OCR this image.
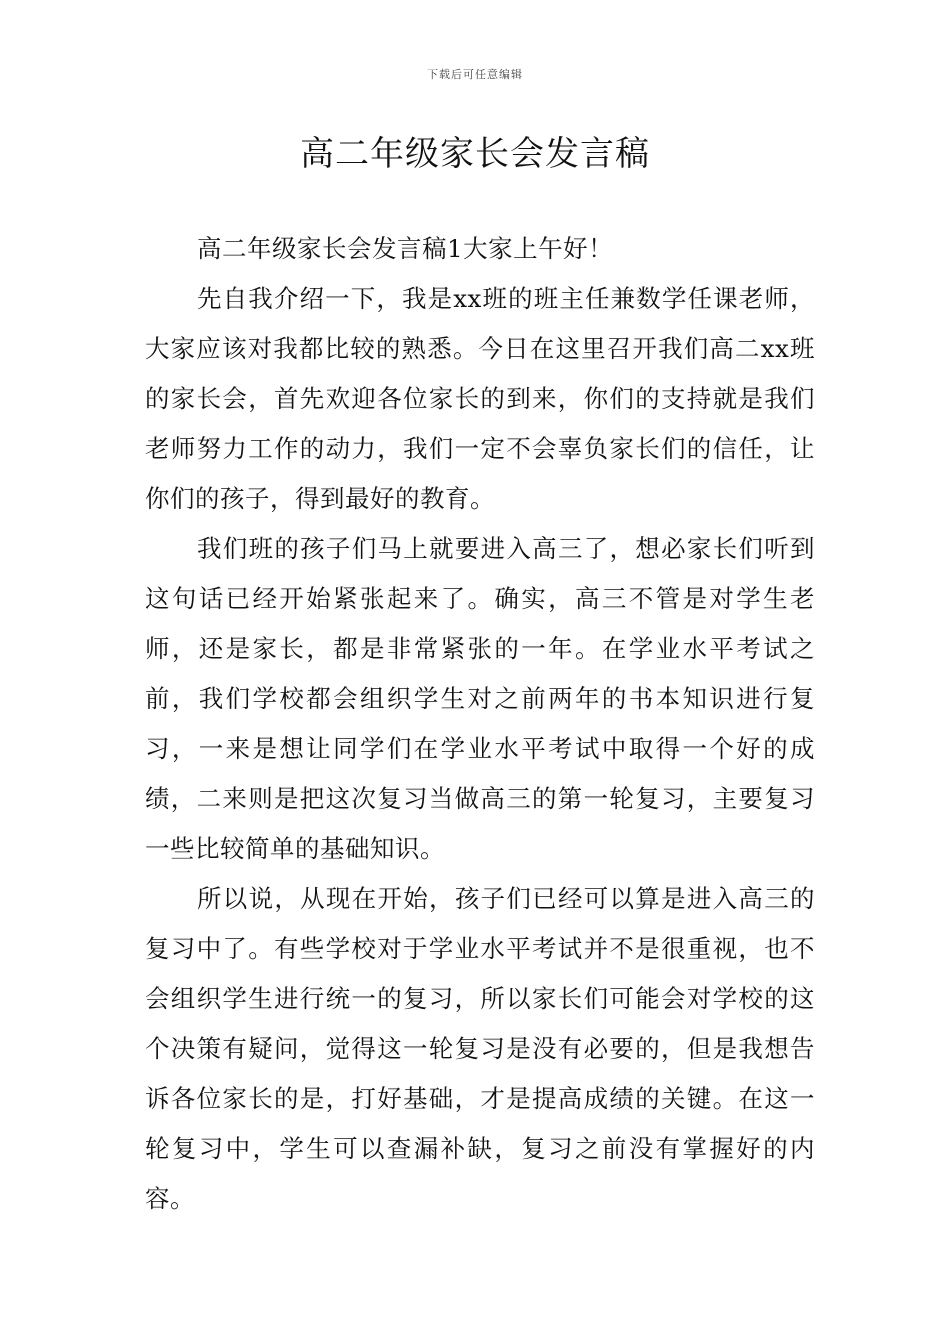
下载后可任意编辑
高二年级家长会发言稿

高二年级家长会发言稿1大家上午好！

先自我介绍一下，我是xx班的班主任兼数学任课老师，大家应该对我都比较的熟悉。今日在这里召开我们高二xx班的家长会，首先欢迎各位家长的到来，你们的支持就是我们老师努力工作的动力，我们一定不会辜负家长们的信任，让你们的孩子，得到最好的教育。

我们班的孩子们马上就要进入高三了，想必家长们听到这句话已经开始紧张起来了。确实，高三不管是对学生老师，还是家长，都是非常紧张的一年。在学业水平考试之前，我们学校都会组织学生对之前两年的书本知识进行复习，一来是想让同学们在学业水平考试中取得一个好的成绩，二来则是把这次复习当做高三的第一轮复习，主要复习一些比较简单的基础知识。

所以说，从现在开始，孩子们已经可以算是进入高三的复习中了。有些学校对于学业水平考试并不是很重视，也不会组织学生进行统一的复习，所以家长们可能会对学校的这个决策有疑问，觉得这一轮复习是没有必要的，但是我想告诉各位家长的是，打好基础，才是提高成绩的关键。在这一轮复习中，学生可以查漏补缺，复习之前没有掌握好的内容。
